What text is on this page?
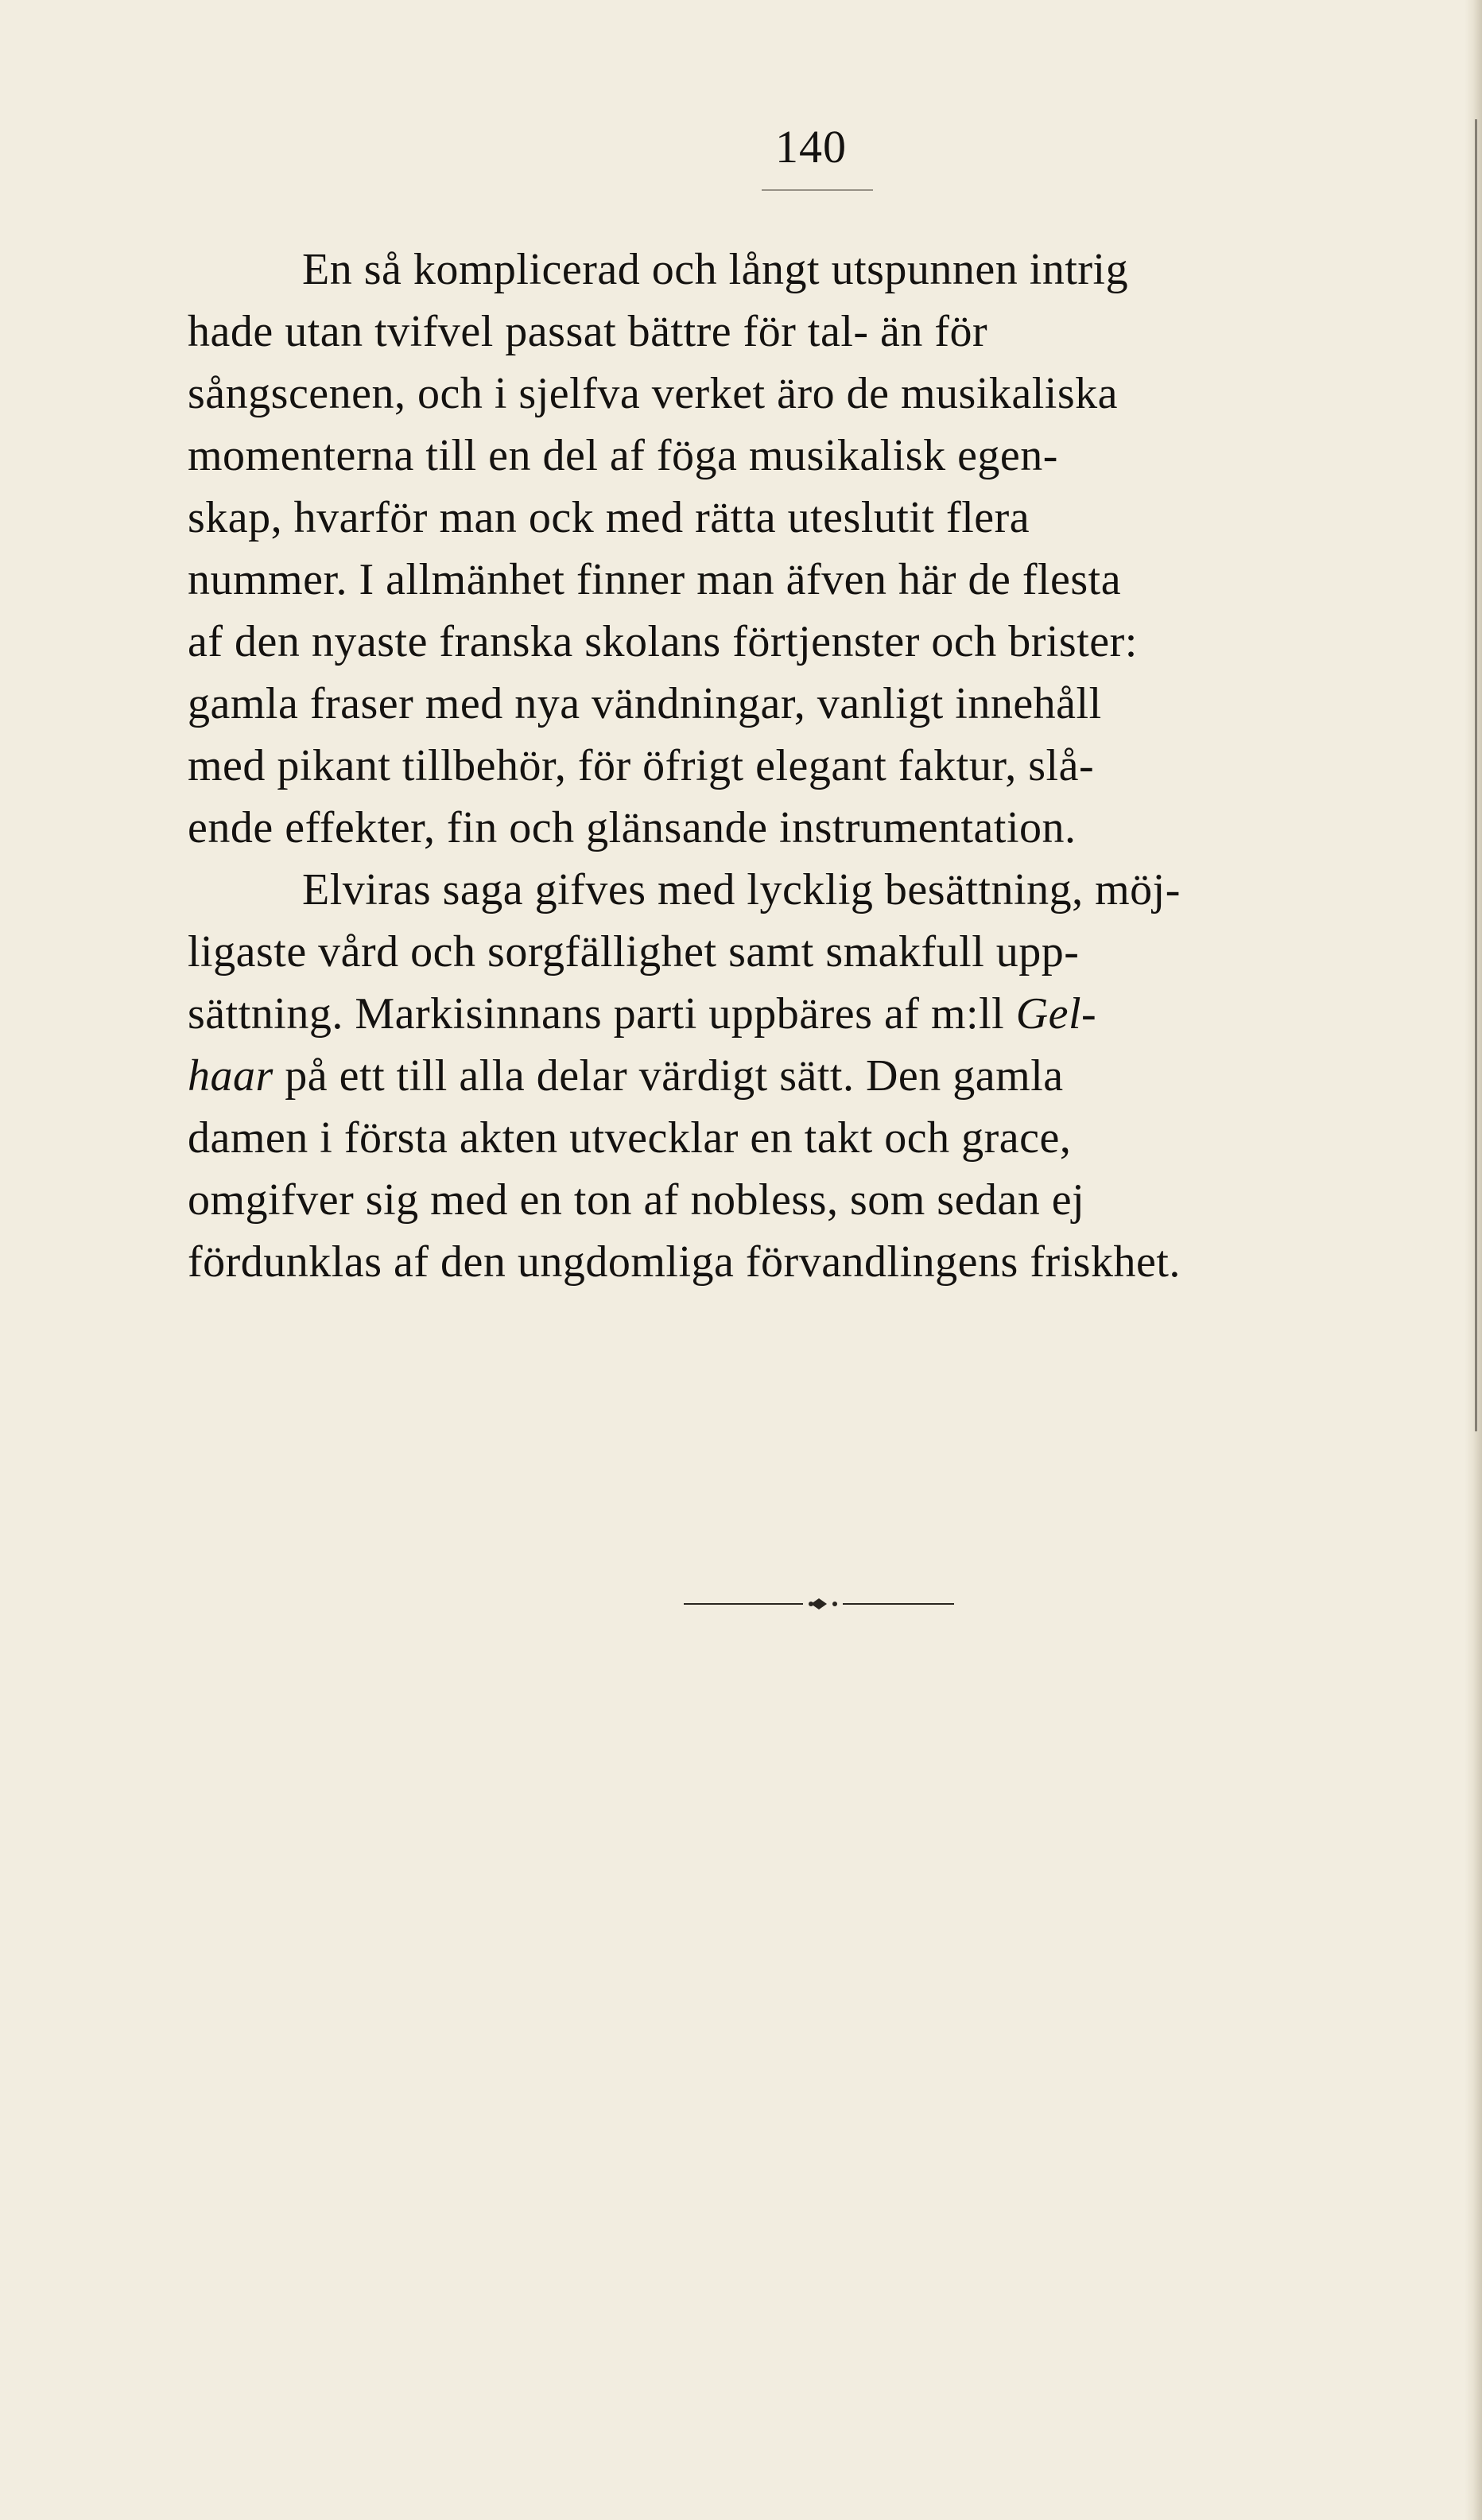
140
En så komplicerad och långt utspunnen intrig
hade utan tvifvel passat bättre för tal- än för
sångscenen, och i sjelfva verket äro de musikaliska
momenterna till en del af föga musikalisk egen-
skap, hvarför man ock med rätta uteslutit flera
nummer. I allmänhet finner man äfven här de flesta
af den nyaste franska skolans förtjenster och brister:
gamla fraser med nya vändningar, vanligt innehåll
med pikant tillbehör, för öfrigt elegant faktur, slå-
ende effekter, fin och glänsande instrumentation.
Elviras saga gifves med lycklig besättning, möj-
ligaste vård och sorgfällighet samt smakfull upp-
sättning. Markisinnans parti uppbäres af m:ll Gel-
haar på ett till alla delar värdigt sätt. Den gamla
damen i första akten utvecklar en takt och grace,
omgifver sig med en ton af nobless, som sedan ej
fördunklas af den ungdomliga förvandlingens friskhet.
